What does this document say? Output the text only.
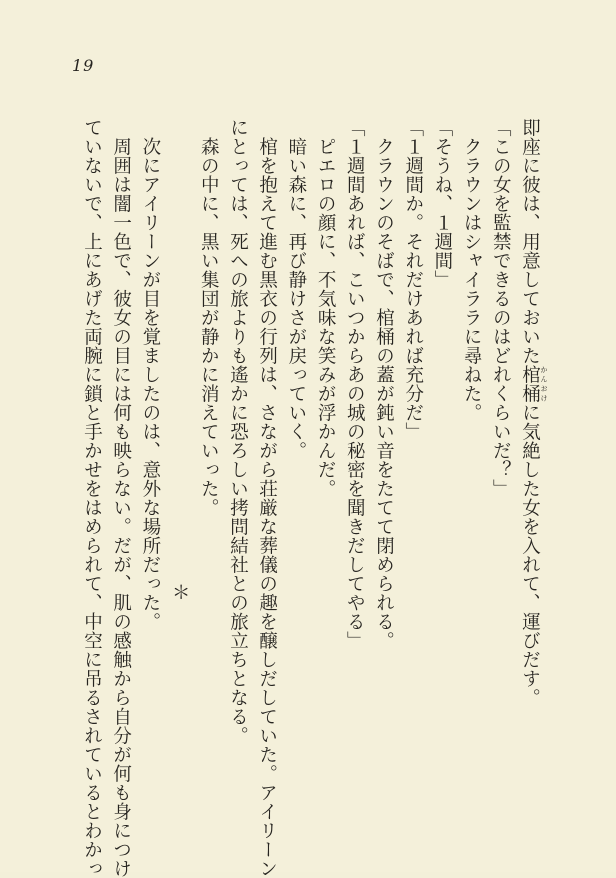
19
即座に彼は、用意しておいた棺桶 かんおけに気絶した女を入れて、運びだす。
「この女を監禁できるのはどれくらいだ？」
　クラウンはシャイララに尋ねた。
「そうね、１週間」
「１週間か。それだけあれば充分だ」
　クラウンのそばで、棺桶の蓋が鈍い音をたてて閉められる。
「１週間あれば、こいつからあの城の秘密を聞きだしてやる」
　ピエロの顔に、不気味な笑みが浮かんだ。
　暗い森に、再び静けさが戻っていく。
　棺を抱えて進む黒衣の行列は、さながら荘厳な葬儀の趣を醸しだしていた。アイリーン
にとっては、死への旅よりも遙かに恐ろしい拷問結社との旅立ちとなる。
　森の中に、黒い集団が静かに消えていった。
＊
　次にアイリーンが目を覚ましたのは、意外な場所だった。
　周囲は闇一色で、彼女の目には何も映らない。だが、肌の感触から自分が何も身につけ
ていないで、上にあげた両腕に鎖と手かせをはめられて、中空に吊るされているとわかっ
